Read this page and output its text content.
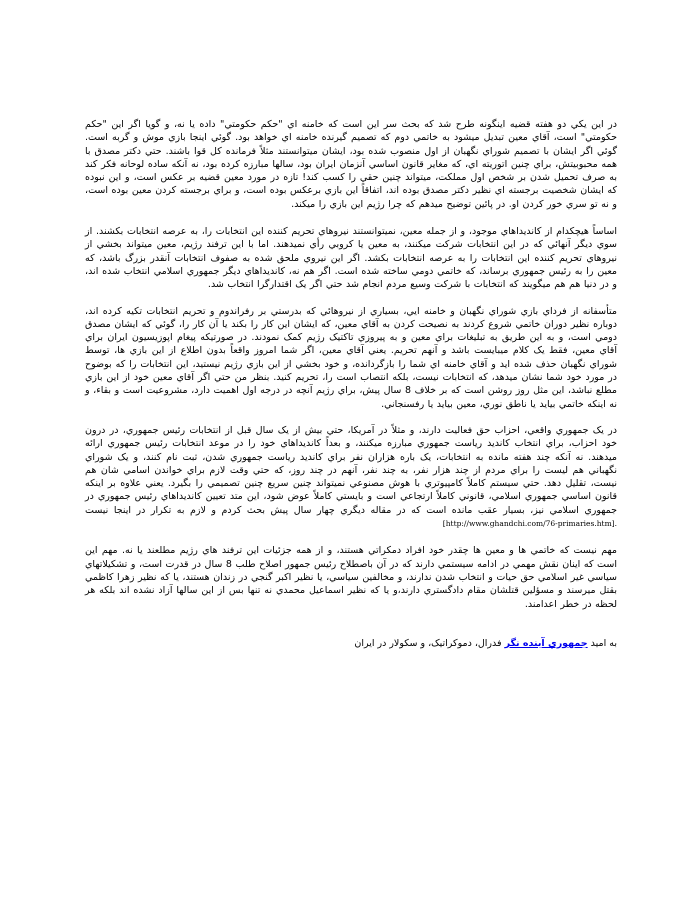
در اين يکي دو هفته قضيه اينگونه طرح شد که بحث سر اين است که خامنه اي "حکم حکومتي" داده يا نه، و گويا اگر اين "حکم حکومتي" است، آقاي معين تبديل ميشود به خاتمي دوم که تصميم گيرنده خامنه اي خواهد بود. گوئي اينجا بازي موش و گربه است. گوئي اگر ايشان با تصميم شوراي نگهبان از اول منصوب شده بود، ايشان ميتوانستند مثلاً فرمانده کل قوا باشند. حتي دکتر مصدق با همه محبوبيتش، براي چنين اتوريته اي، که مغاير قانون اساسي آنزمان ايران بود، سالها مبارزه کرده بود، نه آنکه ساده لوحانه فکر کند به صرف تحميل شدن بر شخص اول مملکت، ميتواند چنين حقي را کسب کند! تازه در مورد معين قضيه بر عکس است، و اين نبوده که ايشان شخصيت برجسته اي نظير دکتر مصدق بوده اند، اتفاقاً اين بازي برعکس بوده است، و براي برجسته کردن معين بوده است، و نه تو سري خور کردن او. در پائين توضيح ميدهم که چرا رژيم اين بازي را ميکند.

اساساً هيچکدام از کانديداهاي موجود، و از جمله معين، نميتوانستند نيروهاي تحريم کننده اين انتخابات را، به عرصه انتخابات بکشند. از سوي ديگر آنهائي که در اين انتخابات شرکت ميکنند، به معين يا کروبي رأي نميدهند. اما با اين ترفند رژيم، معين ميتواند بخشي از نيروهاي تحريم کننده اين انتخابات را به عرصه انتخابات بکشد. اگر اين نيروي ملحق شده به صفوف انتخابات آنقدر بزرگ باشد، که معين را به رئيس جمهوري برساند، که خاتمي دومي ساخته شده است. اگر هم نه، کانديداهاي ديگر جمهوري اسلامي انتخاب شده اند، و در دنيا هم هم ميگويند که انتخابات با شرکت وسيع مردم انجام شد حتي اگر يک اقتدارگرا انتخاب شد.

متأسفانه از فرداي بازي شوراي نگهبان و خامنه ايي، بسياري از نيروهائي که بدرستي بر رفراندوم و تحريم انتخابات تکيه کرده اند، دوباره نظير دوران خاتمي شروع کردند به نصيحت کردن به آقاي معين، که ايشان اين کار را بکند يا آن کار را، گوئي که ايشان مصدق دومي است، و به اين طريق به تبليغات براي معين و به پيروزي تاکتيک رژيم کمک نمودند. در صورتيکه پيغام اپوزيسيون ايران براي آقاي معين، فقط يک کلام ميبايست باشد و آنهم تحريم. يعني آقاي معين، اگر شما امروز واقعاً بدون اطلاع از اين بازي ها، توسط شوراي نگهبان حذف شده ايد و آقاي خامنه اي شما را بازگردانده، و خود بخشي از اين بازي رژيم نيستيد، اين انتخابات را که بوضوح در مورد خود شما نشان ميدهد، که انتخابات نيست، بلکه انتصاب است را، تحريم کنيد. بنظر من حتي اگر آقاي معين خود از اين بازي مطلع نباشد، اين مثل روز روشن است که بر خلاف 8 سال پيش، براي رژيم آنچه در درجه اول اهميت دارد، مشروعيت است و بقاء، و نه اينکه خاتمي بيايد يا ناطق نوري، معين بيايد يا رفسنجاني.

در يک جمهوري واقعي، احزاب حق فعاليت دارند، و مثلاً در آمريکا، حتي بيش از يک سال قبل از انتخابات رئيس جمهوري، در درون خود احزاب، براي انتخاب کانديد رياست جمهوري مبارزه ميکنند، و بعداً کانديداهاي خود را در موعد انتخابات رئيس جمهوري ارائه ميدهند. نه آنکه چند هفته مانده به انتخابات، يک باره هزاران نفر براي کانديد رياست جمهوري شدن، ثبت نام کنند، و يک شوراي نگهباني هم ليست را براي مردم از چند هزار نفر، به چند نفر، آنهم در چند روز، که حتي وقت لازم براي خواندن اسامي شان هم نيست، تقليل دهد. حتي سيستم کاملاً کامپيوتري با هوش مصنوعي نميتواند چنين سريع چنين تصميمي را بگيرد. يعني علاوه بر اينکه قانون اساسي جمهوري اسلامي، قانوني کاملاً ارتجاعي است و بايستي کاملاً عوض شود، اين متد تعيين کانديداهاي رئيس جمهوري در جمهوري اسلامي نيز، بسيار عقب مانده است که در مقاله ديگري چهار سال پيش بحث کردم و لازم به تکرار در اينجا نيست [http://www.ghandchi.com/76-primaries.htm].

مهم نيست که خاتمي ها و معين ها چقدر خود افراد دمکراتي هستند، و از همه جزئيات اين ترفند هاي رژيم مطلعند يا نه. مهم اين است که اينان نقش مهمي در ادامه سيستمي دارند که در آن باصطلاح رئيس جمهور اصلاح طلب 8 سال در قدرت است، و تشکيلاتهاي سياسي غير اسلامي حق حيات و انتخاب شدن ندارند، و مخالفين سياسي، يا نظير اکبر گنجي در زندان هستند، يا که نظير زهرا کاظمي بقتل ميرسند و مسؤلين قتلشان مقام دادگستري دارند،و يا که نظير اسماعيل محمدي نه تنها بس از اين سالها آزاد نشده اند بلکه هر لحظه در خطر اعدامند.

به اميد جمهوري آينده نگر فدرال، دموکراتيک، و سکولار در ايران
